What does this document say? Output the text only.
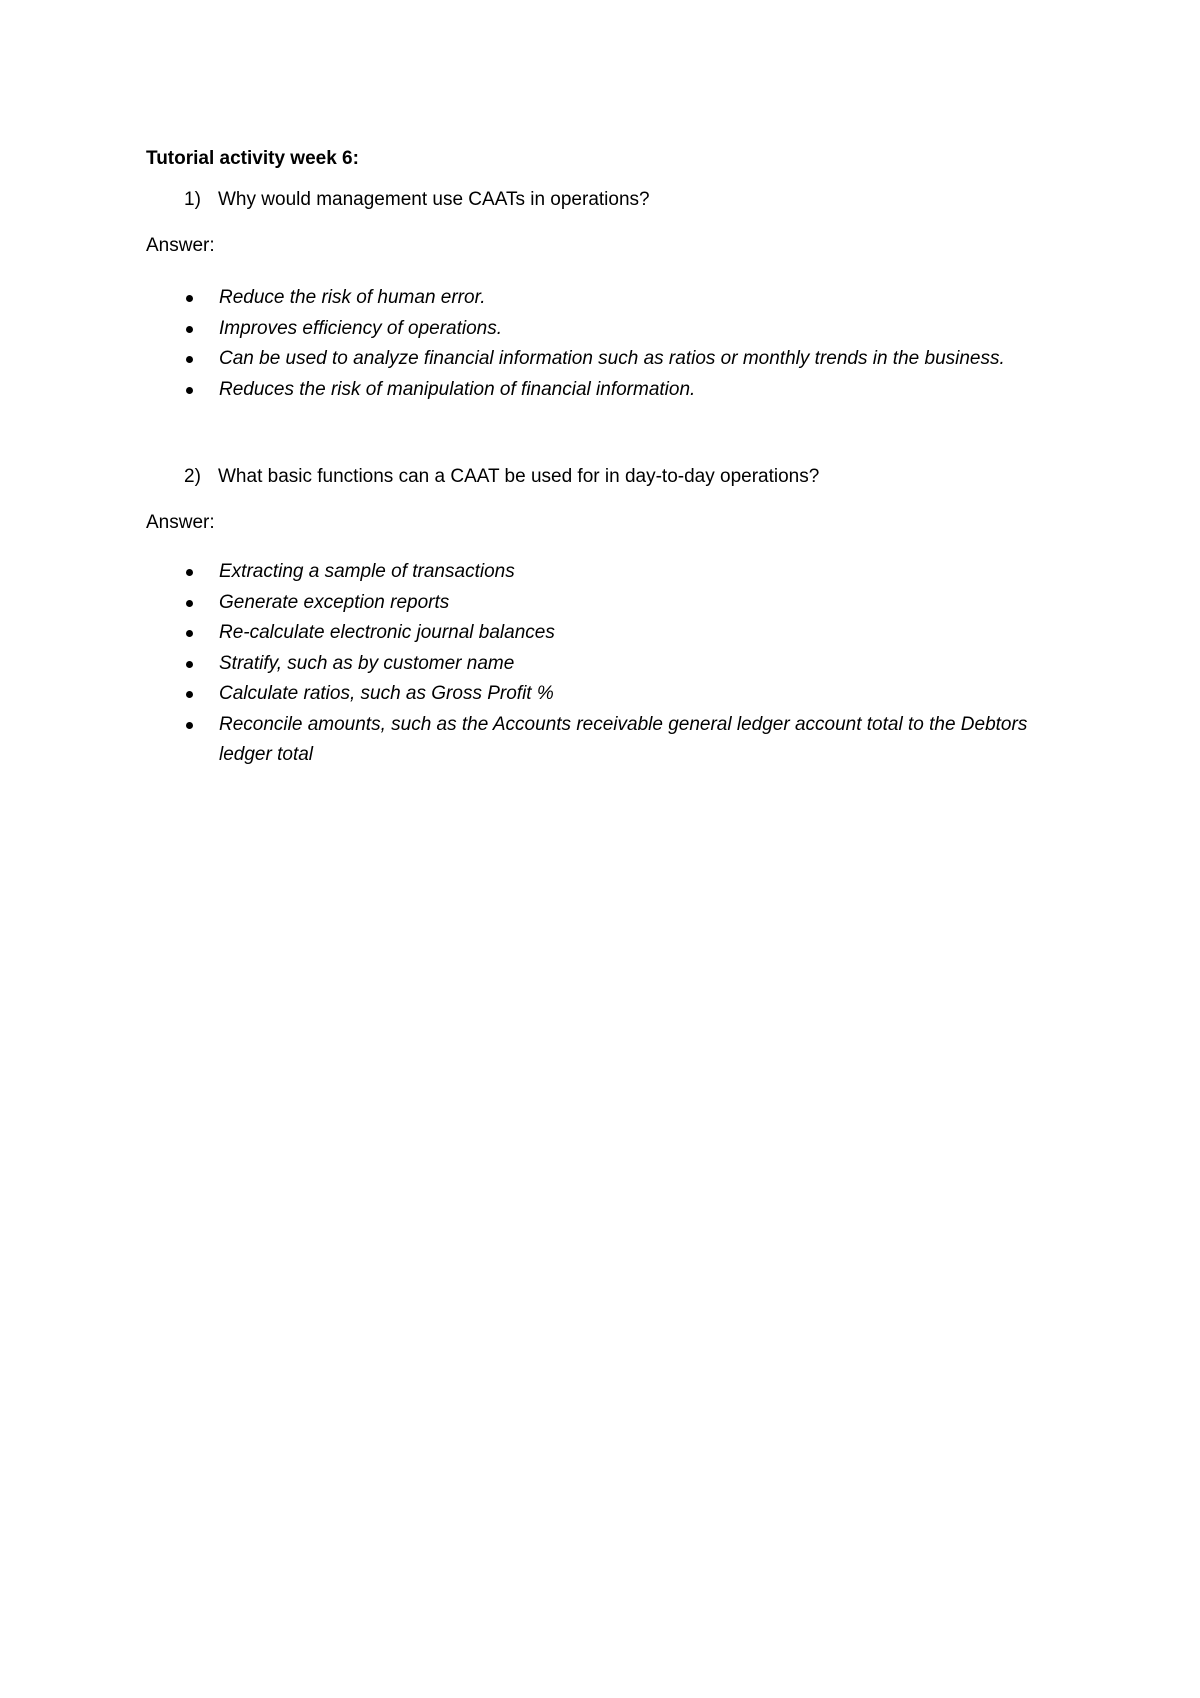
Tutorial activity week 6:
1) Why would management use CAATs in operations?
Answer:
Reduce the risk of human error.
Improves efficiency of operations.
Can be used to analyze financial information such as ratios or monthly trends in the business.
Reduces the risk of manipulation of financial information.
2) What basic functions can a CAAT be used for in day-to-day operations?
Answer:
Extracting a sample of transactions
Generate exception reports
Re-calculate electronic journal balances
Stratify, such as by customer name
Calculate ratios, such as Gross Profit %
Reconcile amounts, such as the Accounts receivable general ledger account total to the Debtors ledger total
